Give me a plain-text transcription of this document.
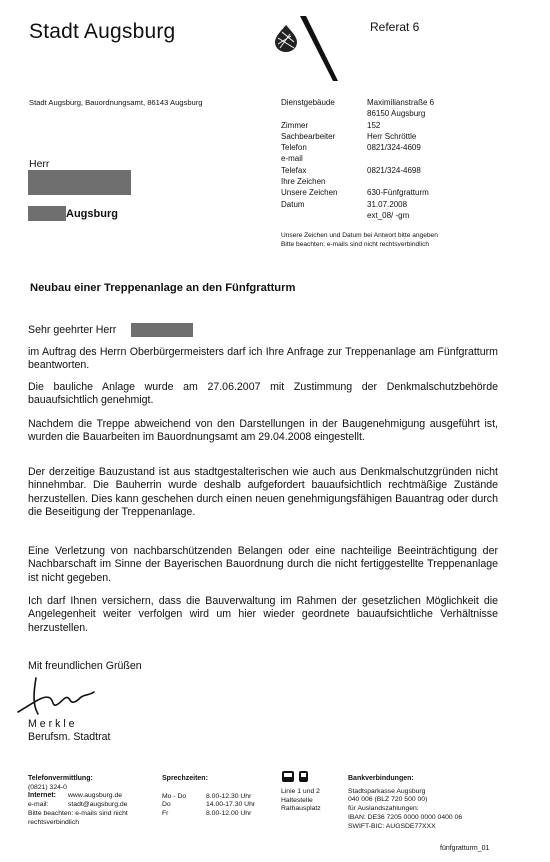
Stadt Augsburg	Referat 6
Stadt Augsburg, Bauordnungsamt, 86143 Augsburg
Herr
Augsburg
Dienstgebäude	Maximilianstraße 6
86150 Augsburg
Zimmer	152
Sachbearbeiter	Herr Schröttle
Telefon	0821/324-4609
e-mail
Telefax	0821/324-4698
Ihre Zeichen
Unsere Zeichen	630-Fünfgratturm
Datum	31.07.2008
ext_08/ -gm
Unsere Zeichen und Datum bei Antwort bitte angeben
Bitte beachten: e-mails sind nicht rechtsverbindlich
Neubau einer Treppenanlage an den Fünfgratturm
Sehr geehrter Herr
im Auftrag des Herrn Oberbürgermeisters darf ich Ihre Anfrage zur Treppenanlage am Fünfgratturm beantworten.
Die bauliche Anlage wurde am 27.06.2007 mit Zustimmung der Denkmalschutzbehörde bauaufsichtlich genehmigt.
Nachdem die Treppe abweichend von den Darstellungen in der Baugenehmigung ausgeführt ist, wurden die Bauarbeiten im Bauordnungsamt am 29.04.2008 eingestellt.
Der derzeitige Bauzustand ist aus stadtgestalterischen wie auch aus Denkmalschutzgründen nicht hinnehmbar. Die Bauherrin wurde deshalb aufgefordert bauaufsichtlich rechtmäßige Zustände herzustellen. Dies kann geschehen durch einen neuen genehmigungsfähigen Bauantrag oder durch die Beseitigung der Treppenanlage.
Eine Verletzung von nachbarschützenden Belangen oder eine nachteilige Beeinträchtigung der Nachbarschaft im Sinne der Bayerischen Bauordnung durch die nicht fertiggestellte Treppenanlage ist nicht gegeben.
Ich darf Ihnen versichern, dass die Bauverwaltung im Rahmen der gesetzlichen Möglichkeit die Angelegenheit weiter verfolgen wird um hier wieder geordnete bauaufsichtliche Verhältnisse herzustellen.
Mit freundlichen Grüßen
M e r k l e
Berufsm. Stadtrat
Telefonvermittlung:
(0821) 324-0
Internet: www.augsburg.de
e-mail:	stadt@augsburg.de
Bitte beachten: e-mails sind nicht
rechtsverbindlich
Sprechzeiten:
Mo - Do	8.00-12.30 Uhr
Do	14.00-17.30 Uhr
Fr	8.00-12.00 Uhr
Linie 1 und 2
Haltestelle
Rathausplatz
Bankverbindungen:
Stadtsparkasse Augsburg
040 006 (BLZ 720 500 00)
für Auslandszahlungen:
IBAN: DE36 7205 0000 0000 0400 06
SWIFT-BIC: AUGSDE77XXX
fünfgratturm_01
